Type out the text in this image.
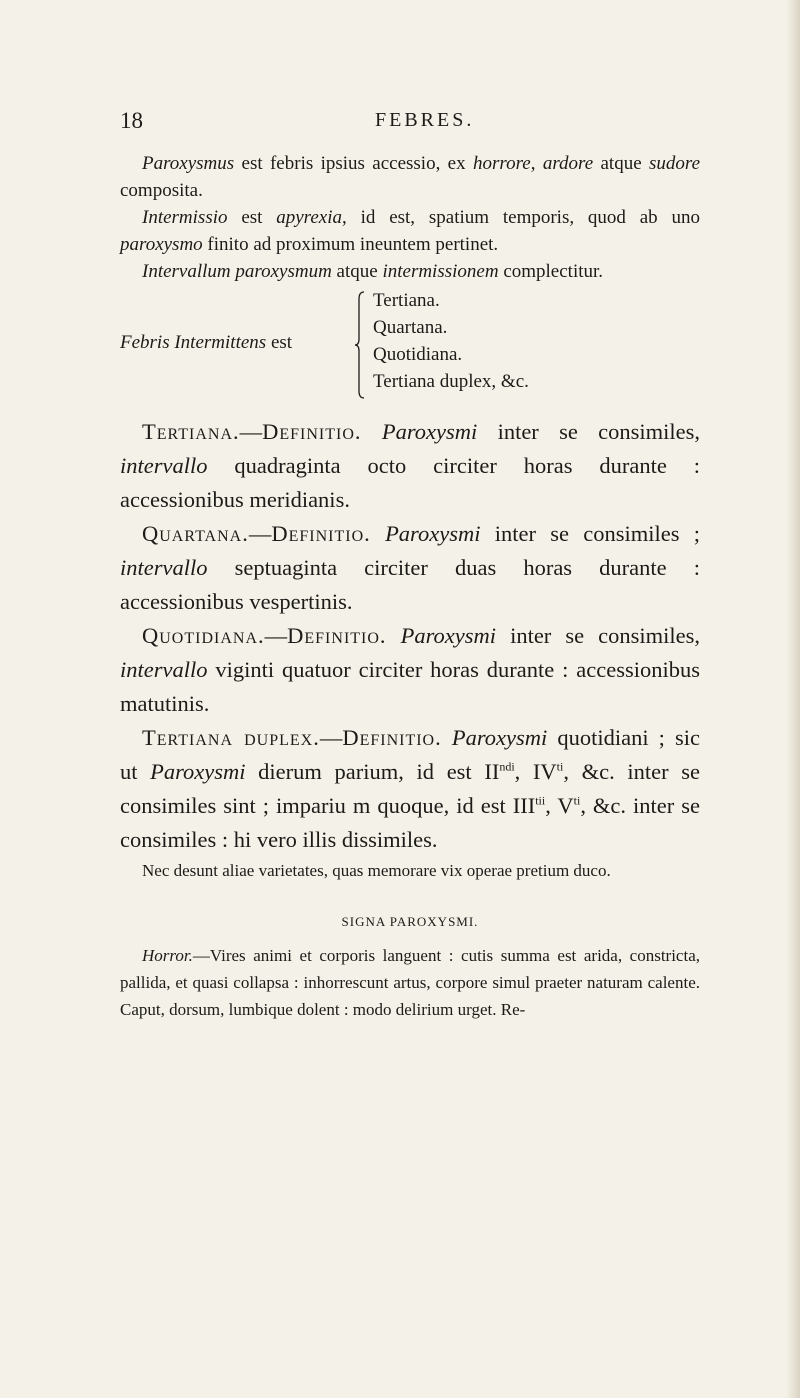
18	FEBRES.

Paroxysmus est febris ipsius accessio, ex horrore, ardore atque sudore composita.

Intermissio est apyrexia, id est, spatium temporis, quod ab uno paroxysmo finito ad proximum ineuntem pertinet.

Intervallum paroxysmum atque intermissionem complectitur.

Febris Intermittens est
Tertiana.
Quartana.
Quotidiana.
Tertiana duplex, &c.

Tertiana.—Definitio. Paroxysmi inter se consimiles, intervallo quadraginta octo circiter horas durante : accessionibus meridianis.

Quartana.—Definitio. Paroxysmi inter se consimiles ; intervallo septuaginta circiter duas horas durante : accessionibus vespertinis.

Quotidiana.—Definitio. Paroxysmi inter se consimiles, intervallo viginti quatuor circiter horas durante : accessionibus matutinis.

Tertiana duplex.—Definitio. Paroxysmi quotidiani ; sic ut Paroxysmi dierum parium, id est $II^{ndi}$, $IV^{ti}$, &c. inter se consimiles sint ; impariu m quoque, id est $III^{tii}$, $V^{ti}$, &c. inter se consimiles : hi vero illis dissimiles.

Nec desunt aliae varietates, quas memorare vix operae pretium duco.

SIGNA PAROXYSMI.

Horror.—Vires animi et corporis languent : cutis summa est arida, constricta, pallida, et quasi collapsa : inhorrescunt artus, corpore simul praeter naturam calente. Caput, dorsum, lumbique dolent : modo delirium urget. Re-
